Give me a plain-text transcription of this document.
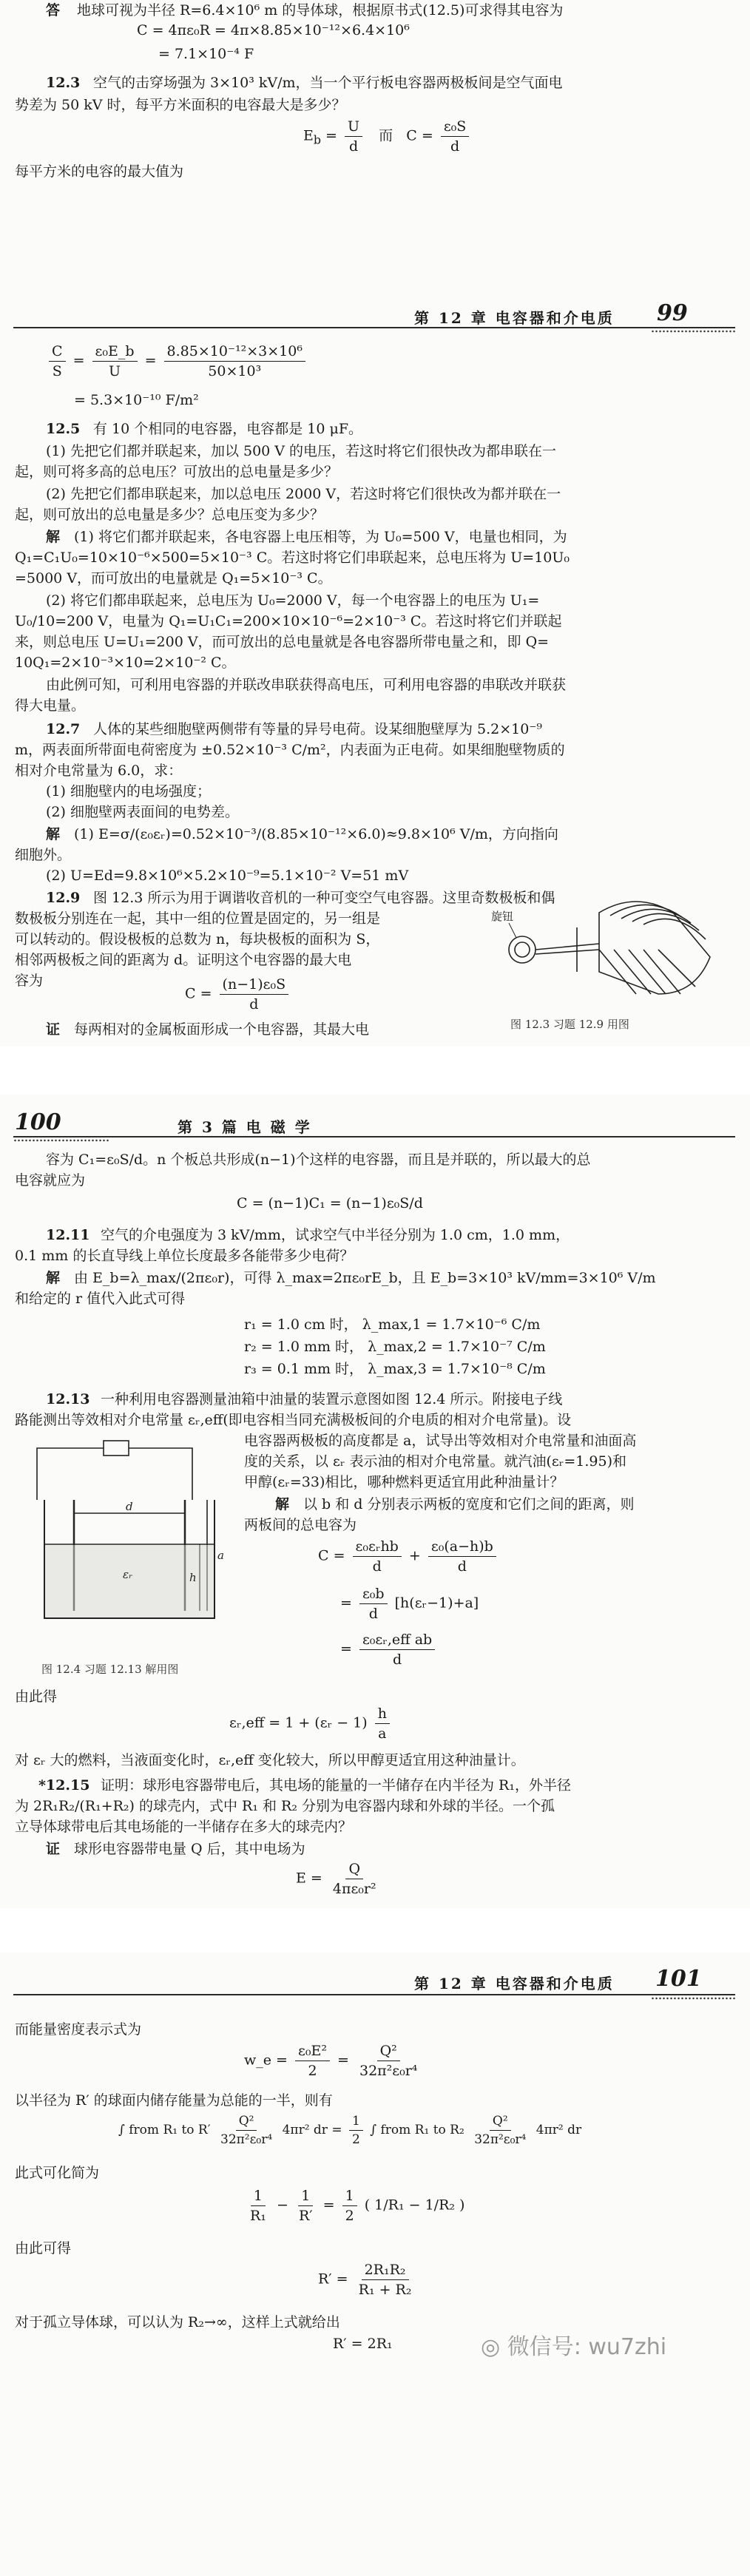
答 地球可视为半径 R=6.4×10⁶ m 的导体球，根据原书式(12.5)可求得其电容为
C = 4πε₀R = 4π×8.85×10⁻¹²×6.4×10⁶
= 7.1×10⁻⁴ F
12.3 空气的击穿场强为 3×10³ kV/m，当一个平行板电容器两极板间是空气面电
势差为 50 kV 时，每平方米面积的电容最大是多少？
$E_b = \frac{U}{d}$ 而 $C = \frac{\text{ε₀S}}{d}$
每平方米的电容的最大值为
第 12 章 电容器和介电质 99
$\frac{C}{S} = \frac{\text{ε₀E\_b}}{U} = \frac{\text{8.85×10⁻¹²×3×10⁶}}{\text{50×10³}}$
= 5.3×10⁻¹⁰ F/m²
12.5 有 10 个相同的电容器，电容都是 10 μF。
(1) 先把它们都并联起来，加以 500 V 的电压，若这时将它们很快改为都串联在一
起，则可将多高的总电压？可放出的总电量是多少？
(2) 先把它们都串联起来，加以总电压 2000 V，若这时将它们很快改为都并联在一
起，则可放出的总电量是多少？总电压变为多少？
解 (1) 将它们都并联起来，各电容器上电压相等，为 U₀=500 V，电量也相同，为
Q₁=C₁U₀=10×10⁻⁶×500=5×10⁻³ C。若这时将它们串联起来，总电压将为 U=10U₀
=5000 V，而可放出的电量就是 Q₁=5×10⁻³ C。
(2) 将它们都串联起来，总电压为 U₀=2000 V，每一个电容器上的电压为 U₁=
U₀/10=200 V，电量为 Q₁=U₁C₁=200×10×10⁻⁶=2×10⁻³ C。若这时将它们并联起
来，则总电压 U=U₁=200 V，而可放出的总电量就是各电容器所带电量之和，即 Q=
10Q₁=2×10⁻³×10=2×10⁻² C。
由此例可知，可利用电容器的并联改串联获得高电压，可利用电容器的串联改并联获
得大电量。
12.7 人体的某些细胞壁两侧带有等量的异号电荷。设某细胞壁厚为 5.2×10⁻⁹
m，两表面所带面电荷密度为 ±0.52×10⁻³ C/m²，内表面为正电荷。如果细胞壁物质的
相对介电常量为 6.0，求：
(1) 细胞壁内的电场强度；
(2) 细胞壁两表面间的电势差。
解 (1) E=σ/(ε₀εᵣ)=0.52×10⁻³/(8.85×10⁻¹²×6.0)≈9.8×10⁶ V/m，方向指向
细胞外。
(2) U=Ed=9.8×10⁶×5.2×10⁻⁹=5.1×10⁻² V=51 mV
12.9 图 12.3 所示为用于调谐收音机的一种可变空气电容器。这里奇数极板和偶
数极板分别连在一起，其中一组的位置是固定的，另一组是
可以转动的。假设极板的总数为 n，每块极板的面积为 S，
相邻两极板之间的距离为 d。证明这个电容器的最大电
容为
$C = \frac{\text{(n−1)ε₀S}}{d}$
证 每两相对的金属板面形成一个电容器，其最大电
旋钮
图 12.3 习题 12.9 用图
100	第 3 篇 电 磁 学
容为 C₁=ε₀S/d。n 个板总共形成(n−1)个这样的电容器，而且是并联的，所以最大的总
电容就应为
C = (n−1)C₁ = (n−1)ε₀S/d
12.11 空气的介电强度为 3 kV/mm，试求空气中半径分别为 1.0 cm，1.0 mm，
0.1 mm 的长直导线上单位长度最多各能带多少电荷？
解 由 E_b=λ_max/(2πε₀r)，可得 λ_max=2πε₀rE_b，且 E_b=3×10³ kV/mm=3×10⁶ V/m
和给定的 r 值代入此式可得
r₁ = 1.0 cm 时， λ_max,1 = 1.7×10⁻⁶ C/m
r₂ = 1.0 mm 时， λ_max,2 = 1.7×10⁻⁷ C/m
r₃ = 0.1 mm 时， λ_max,3 = 1.7×10⁻⁸ C/m
12.13 一种利用电容器测量油箱中油量的装置示意图如图 12.4 所示。附接电子线
路能测出等效相对介电常量 εᵣ,eff(即电容相当同充满极板间的介电质的相对介电常量)。设
电容器两极板的高度都是 a，试导出等效相对介电常量和油面高
度的关系，以 εᵣ 表示油的相对介电常量。就汽油(εᵣ=1.95)和
甲醇(εᵣ=33)相比，哪种燃料更适宜用此种油量计？
解 以 b 和 d 分别表示两板的宽度和它们之间的距离，则
两板间的总电容为
$C = \frac{\text{ε₀εᵣhb}}{d} + \frac{\text{ε₀(a−h)b}}{d}$
= $\frac{\text{ε₀b}}{d}$ [h(εᵣ−1)+a]
= $\frac{\text{ε₀εᵣ,eff ab}}{d}$
d
a
h
εᵣ
图 12.4 习题 12.13 解用图
由此得
εᵣ,eff = 1 + (εᵣ − $1) \frac{h}{a}$
对 εᵣ 大的燃料，当液面变化时，εᵣ,eff 变化较大，所以甲醇更适宜用这种油量计。
*12.15 证明：球形电容器带电后，其电场的能量的一半储存在内半径为 R₁，外半径
为 2R₁R₂/(R₁+R₂) 的球壳内，式中 R₁ 和 R₂ 分别为电容器内球和外球的半径。一个孤
立导体球带电后其电场能的一半储存在多大的球壳内？
证 球形电容器带电量 Q 后，其中电场为
$E = \frac{Q}{\text{4πε₀r²}}$
第 12 章 电容器和介电质 101
而能量密度表示式为
w_e = $\frac{\text{ε₀E²}}{2} = \frac{\text{Q²}}{\text{32π²ε₀r⁴}}$
以半径为 R′ 的球面内储存能量为总能的一半，则有
∫ from R₁ to $R' \frac{\text{Q²}}{\text{32π²ε₀r⁴}} 4\pi r^2$ dr = $\frac{1}{2}$ ∫ from R₁ to $R_2 \frac{\text{Q²}}{\text{32π²ε₀r⁴}} 4\pi r^2$ dr
此式可化简为
$\frac{1}{\text{R₁}} - \frac{1}{R'} = \frac{1}{2}$ ( 1/R₁ − 1/R₂ )
由此可得
$R' = \frac{\text{2R₁R₂}}{\text{R₁ + R₂}}$
对于孤立导体球，可以认为 R₂→∞，这样上式就给出
R′ = 2R₁	◎ 微信号: wu7zhi
